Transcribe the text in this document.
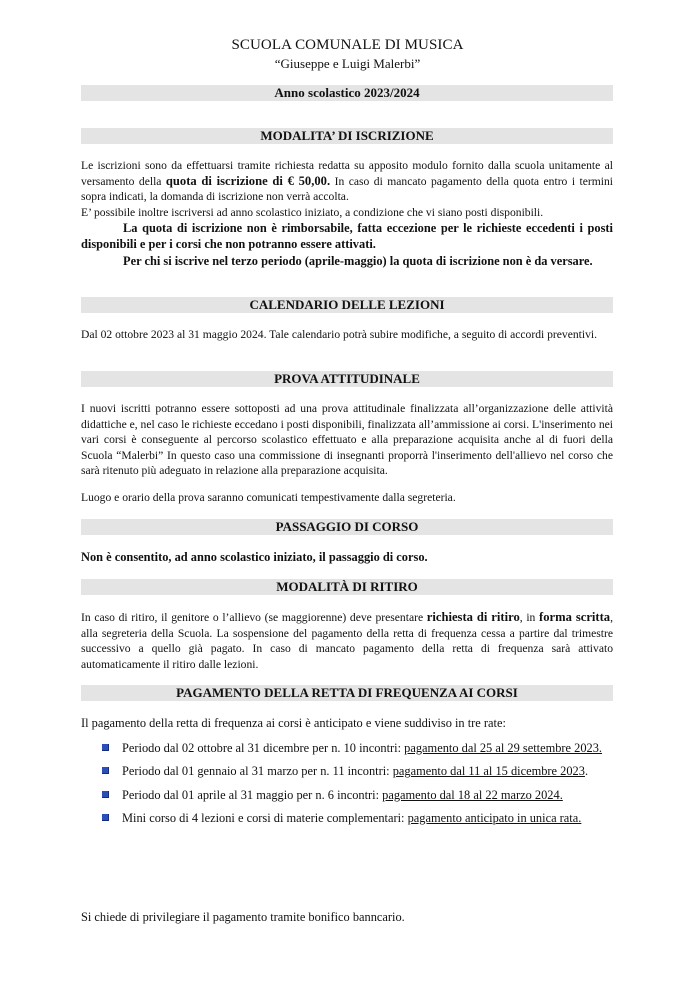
SCUOLA COMUNALE DI MUSICA
“Giuseppe e Luigi Malerbi”
Anno scolastico 2023/2024
MODALITA’ DI ISCRIZIONE
Le iscrizioni sono da effettuarsi tramite richiesta redatta su apposito modulo fornito dalla scuola unitamente al versamento della quota di iscrizione di € 50,00. In caso di mancato pagamento della quota entro i termini sopra indicati, la domanda di iscrizione non verrà accolta.
E’ possibile inoltre iscriversi ad anno scolastico iniziato, a condizione che vi siano posti disponibili.
La quota di iscrizione non è rimborsabile, fatta eccezione per le richieste eccedenti i posti disponibili e per i corsi che non potranno essere attivati.
Per chi si iscrive nel terzo periodo (aprile-maggio) la quota di iscrizione non è da versare.
CALENDARIO DELLE LEZIONI
Dal 02 ottobre 2023 al 31 maggio 2024. Tale calendario potrà subire modifiche, a seguito di accordi preventivi.
PROVA ATTITUDINALE
I nuovi iscritti potranno essere sottoposti ad una prova attitudinale finalizzata all’organizzazione delle attività didattiche e, nel caso le richieste eccedano i posti disponibili, finalizzata all’ammissione ai corsi. L'inserimento nei vari corsi è conseguente al percorso scolastico effettuato e alla preparazione acquisita anche al di fuori della Scuola “Malerbi” In questo caso una commissione di insegnanti proporrà l'inserimento dell'allievo nel corso che sarà ritenuto più adeguato in relazione alla preparazione acquisita.
Luogo e orario della prova saranno comunicati tempestivamente dalla segreteria.
PASSAGGIO DI CORSO
Non è consentito, ad anno scolastico iniziato, il passaggio di corso.
MODALITÀ DI RITIRO
In caso di ritiro, il genitore o l’allievo (se maggiorenne) deve presentare richiesta di ritiro, in forma scritta, alla segreteria della Scuola. La sospensione del pagamento della retta di frequenza cessa a partire dal trimestre successivo a quello già pagato. In caso di mancato pagamento della retta di frequenza sarà attivato automaticamente il ritiro dalle lezioni.
PAGAMENTO DELLA RETTA DI FREQUENZA AI CORSI
Il pagamento della retta di frequenza ai corsi è anticipato e viene suddiviso in tre rate:
Periodo dal 02 ottobre al 31 dicembre per n. 10 incontri: pagamento dal 25 al 29 settembre 2023.
Periodo dal 01 gennaio al 31 marzo per n. 11 incontri: pagamento dal 11 al 15 dicembre 2023.
Periodo dal 01 aprile al 31 maggio per n. 6 incontri: pagamento dal 18 al 22 marzo 2024.
Mini corso di 4 lezioni e corsi di materie complementari: pagamento anticipato in unica rata.
Si chiede di privilegiare il pagamento tramite bonifico banncario.
